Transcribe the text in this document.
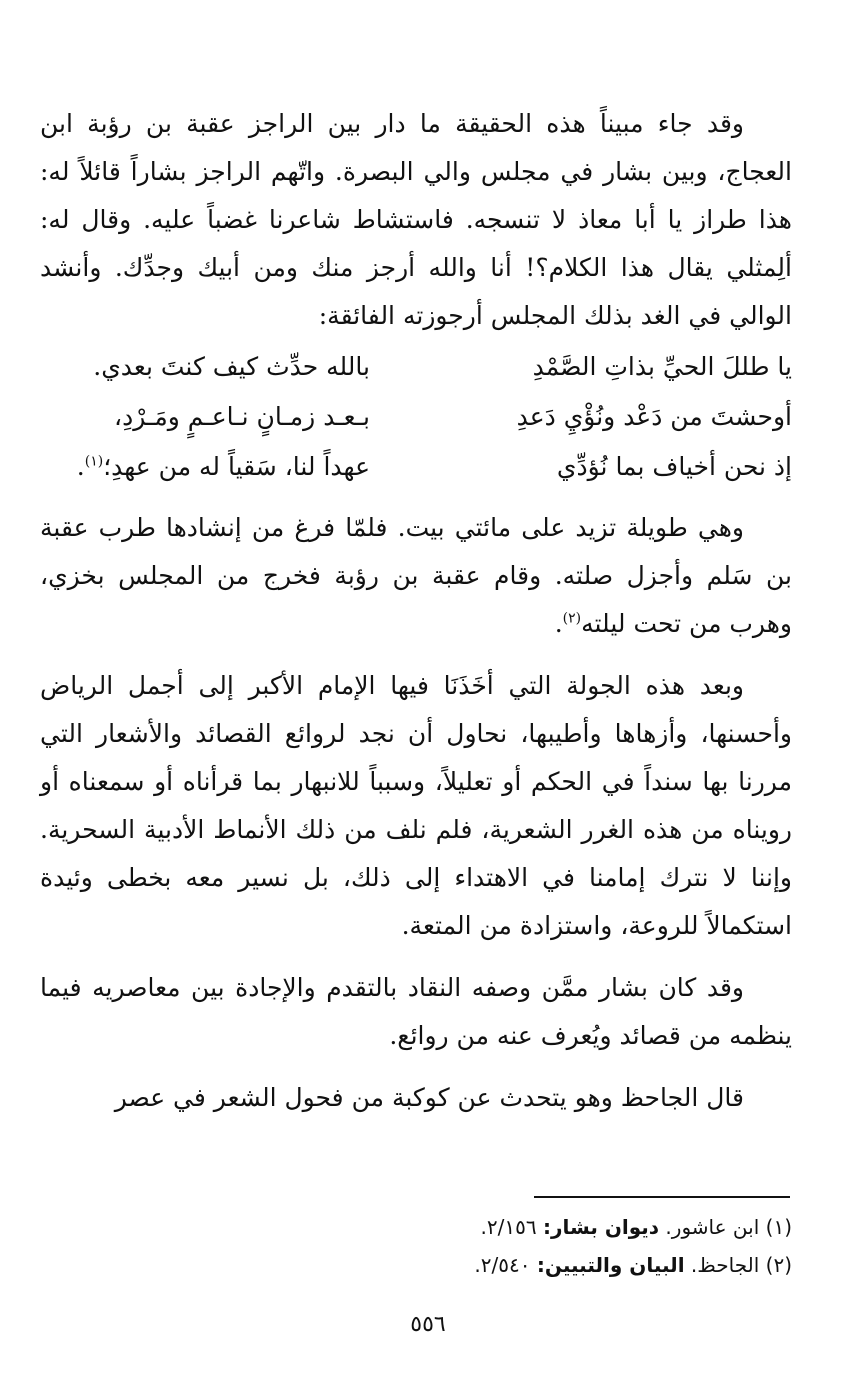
وقد جاء مبيناً هذه الحقيقة ما دار بين الراجز عقبة بن رؤبة ابن العجاج، وبين بشار في مجلس والي البصرة. واتّهم الراجز بشاراً قائلاً له: هذا طراز يا أبا معاذ لا تنسجه. فاستشاط شاعرنا غضباً عليه. وقال له: ألِمثلي يقال هذا الكلام؟! أنا والله أرجز منك ومن أبيك وجدِّك. وأنشد الوالي في الغد بذلك المجلس أرجوزته الفائقة:

يا طللَ الحيِّ بذاتِ الصَّمْدِ
بالله حدِّث كيف كنتَ بعدي.
أوحشتَ من دَعْد ونُؤْيِ دَعدِ
بـعـد زمـانٍ نـاعـمٍ ومَـرْدِ،
إذ نحن أخياف بما نُؤدِّي
عهداً لنا، سَقياً له من عهدِ؛$^{(١)}$.

وهي طويلة تزيد على مائتي بيت. فلمّا فرغ من إنشادها طرب عقبة بن سَلم وأجزل صلته. وقام عقبة بن رؤبة فخرج من المجلس بخزي، وهرب من تحت ليلته$^{(٢)}$.

وبعد هذه الجولة التي أخَذَنَا فيها الإمام الأكبر إلى أجمل الرياض وأحسنها، وأزهاها وأطيبها، نحاول أن نجد لروائع القصائد والأشعار التي مررنا بها سنداً في الحكم أو تعليلاً، وسبباً للانبهار بما قرأناه أو سمعناه أو رويناه من هذه الغرر الشعرية، فلم نلف من ذلك الأنماط الأدبية السحرية. وإننا لا نترك إمامنا في الاهتداء إلى ذلك، بل نسير معه بخطى وئيدة استكمالاً للروعة، واستزادة من المتعة.

وقد كان بشار ممَّن وصفه النقاد بالتقدم والإجادة بين معاصريه فيما ينظمه من قصائد ويُعرف عنه من روائع.

قال الجاحظ وهو يتحدث عن كوكبة من فحول الشعر في عصر

(١) ابن عاشور. ديوان بشار: ٢/١٥٦.
(٢) الجاحظ. البيان والتبيين: ٢/٥٤٠.
٥٥٦
